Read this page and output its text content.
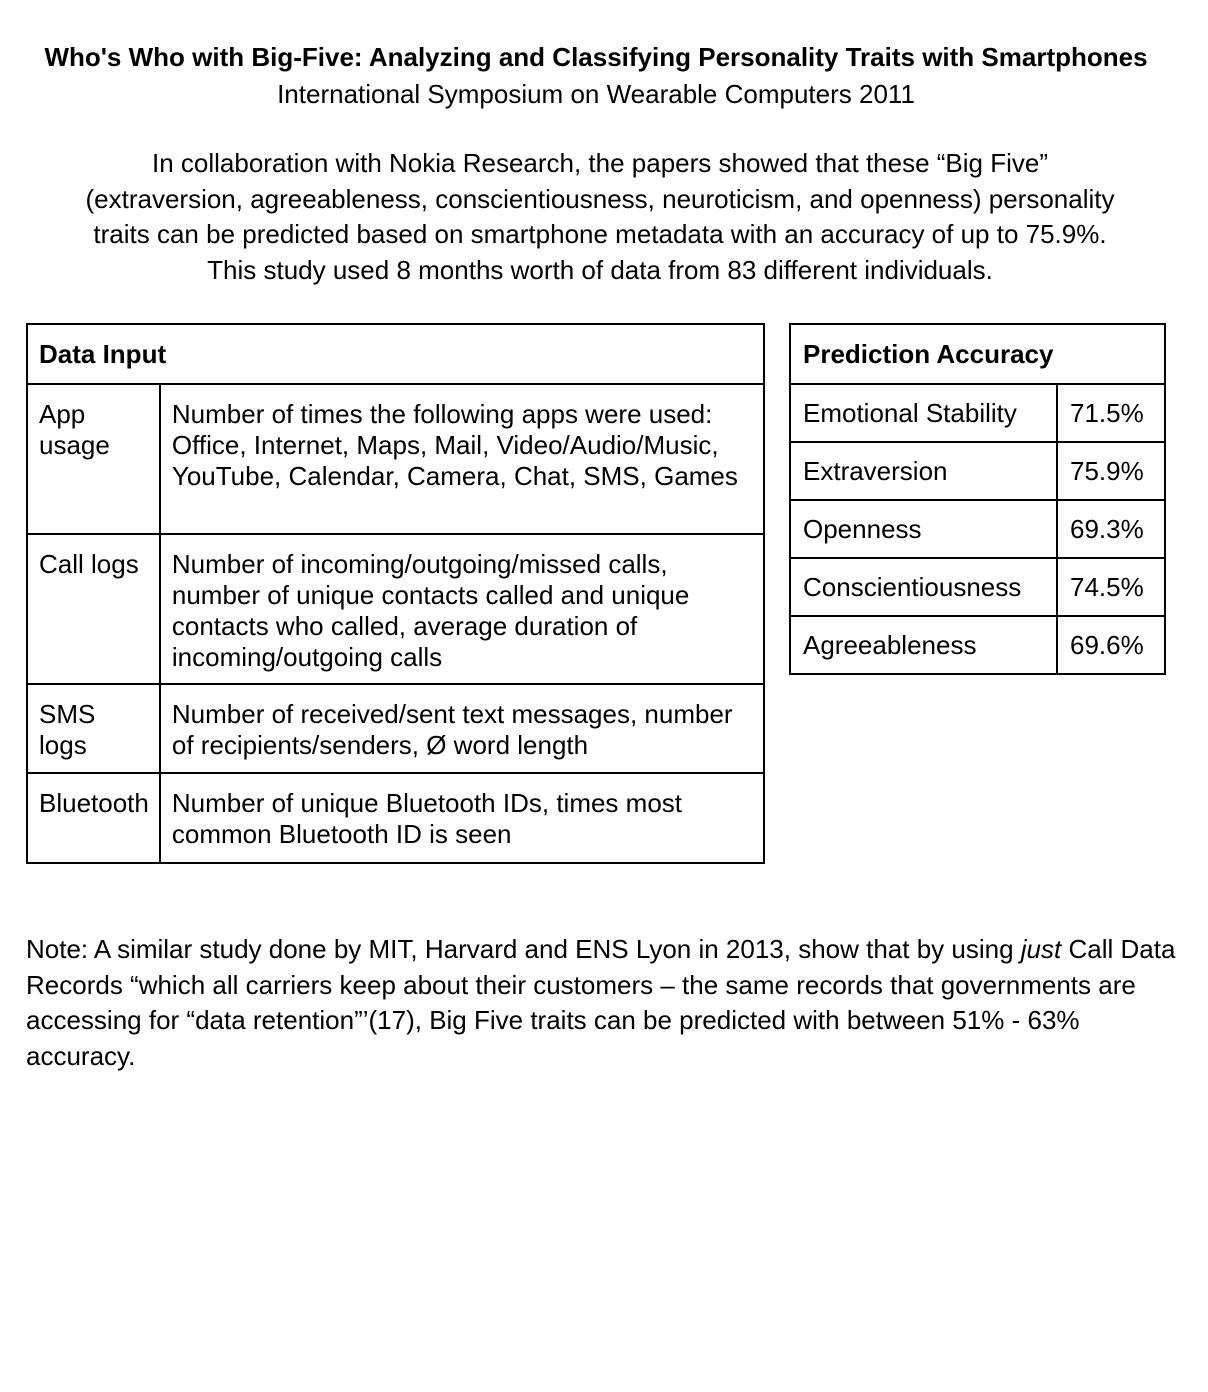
Who's Who with Big-Five: Analyzing and Classifying Personality Traits with Smartphones
International Symposium on Wearable Computers 2011

In collaboration with Nokia Research, the papers showed that these “Big Five” (extraversion, agreeableness, conscientiousness, neuroticism, and openness) personality traits can be predicted based on smartphone metadata with an accuracy of up to 75.9%. This study used 8 months worth of data from 83 different individuals.

Data Input	
App usage	Number of times the following apps were used: Office, Internet, Maps, Mail, Video/Audio/Music, YouTube, Calendar, Camera, Chat, SMS, Games
Call logs	Number of incoming/outgoing/missed calls, number of unique contacts called and unique contacts who called, average duration of incoming/outgoing calls
SMS logs	Number of received/sent text messages, number of recipients/senders, Ø word length
Bluetooth	Number of unique Bluetooth IDs, times most common Bluetooth ID is seen
Prediction Accuracy	
Emotional Stability	71.5%
Extraversion	75.9%
Openness	69.3%
Conscientiousness	74.5%
Agreeableness	69.6%

Note: A similar study done by MIT, Harvard and ENS Lyon in 2013, show that by using just Call Data Records “which all carriers keep about their customers – the same records that governments are accessing for “data retention”’(17), Big Five traits can be predicted with between 51% - 63% accuracy.
